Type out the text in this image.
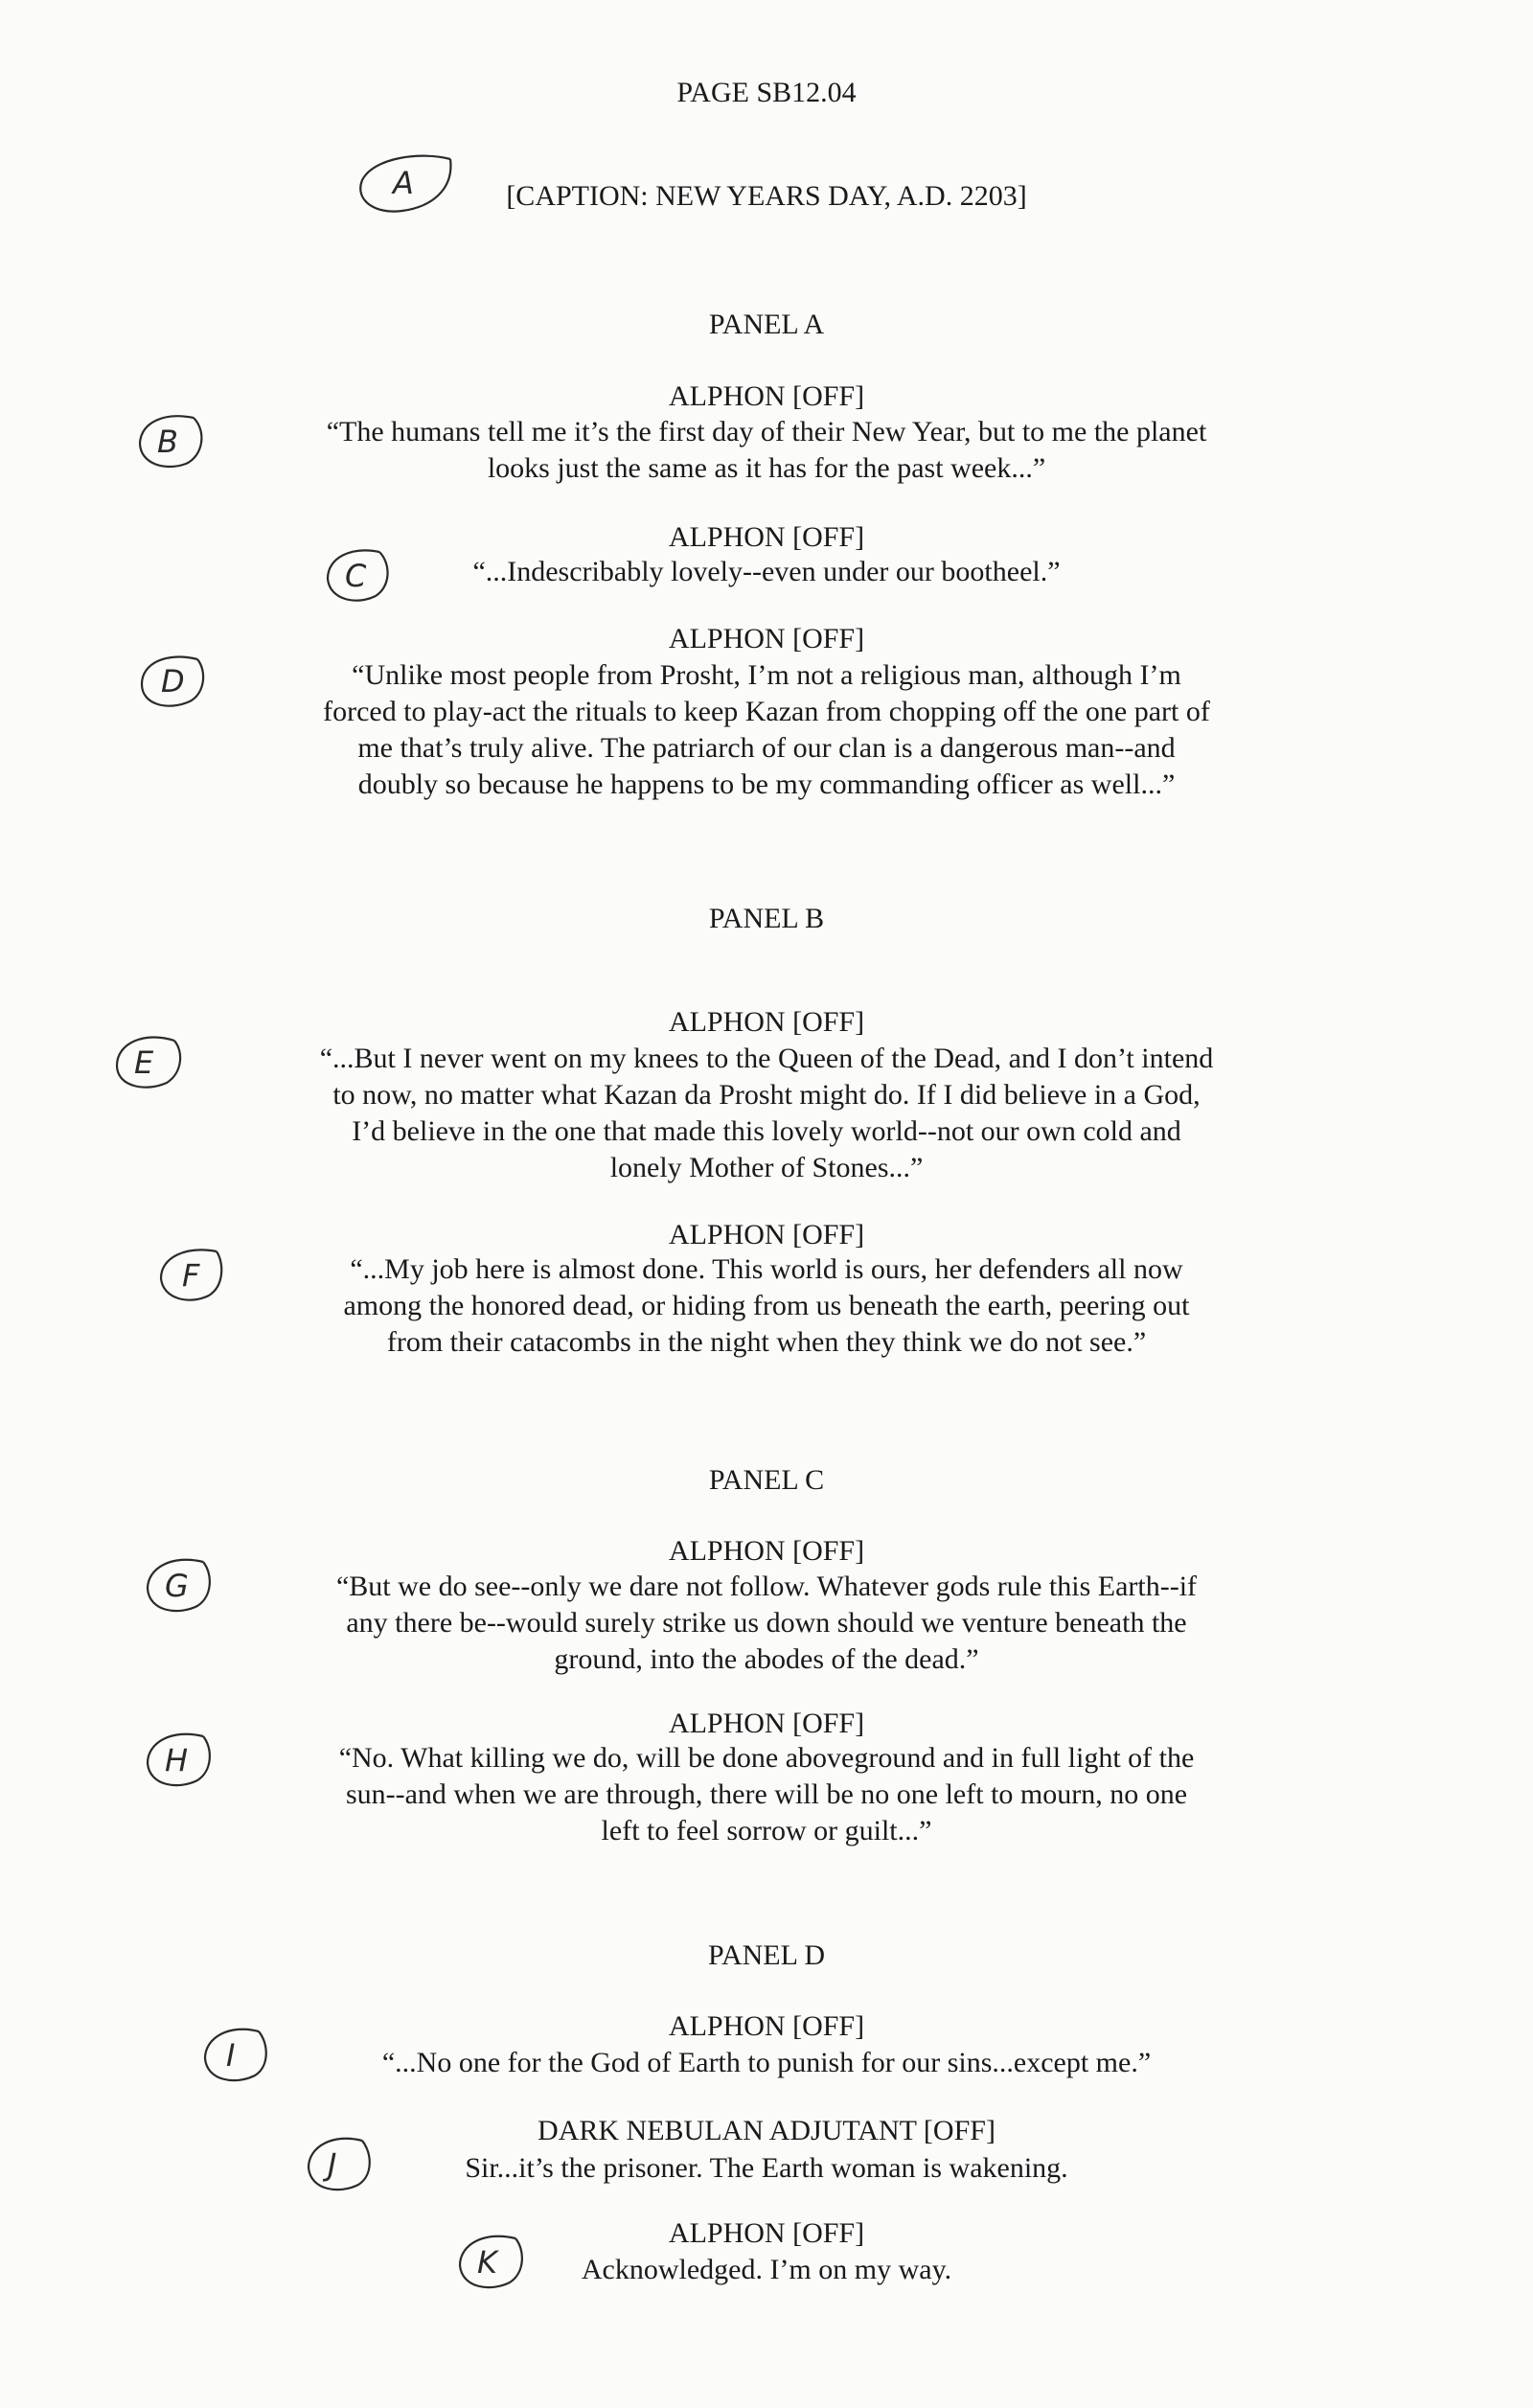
PAGE SB12.04
A	[CAPTION: NEW YEARS DAY, A.D. 2203]
PANEL A
ALPHON [OFF]
B	“The humans tell me it’s the first day of their New Year, but to me the planet
looks just the same as it has for the past week...”
ALPHON [OFF]
C	“...Indescribably lovely--even under our bootheel.”
ALPHON [OFF]
D	“Unlike most people from Prosht, I’m not a religious man, although I’m
forced to play-act the rituals to keep Kazan from chopping off the one part of
me that’s truly alive. The patriarch of our clan is a dangerous man--and
doubly so because he happens to be my commanding officer as well...”
PANEL B
ALPHON [OFF]
E	“...But I never went on my knees to the Queen of the Dead, and I don’t intend
to now, no matter what Kazan da Prosht might do. If I did believe in a God,
I’d believe in the one that made this lovely world--not our own cold and
lonely Mother of Stones...”
ALPHON [OFF]
F	“...My job here is almost done. This world is ours, her defenders all now
among the honored dead, or hiding from us beneath the earth, peering out
from their catacombs in the night when they think we do not see.”
PANEL C
ALPHON [OFF]
G	“But we do see--only we dare not follow. Whatever gods rule this Earth--if
any there be--would surely strike us down should we venture beneath the
ground, into the abodes of the dead.”
ALPHON [OFF]
H	“No. What killing we do, will be done aboveground and in full light of the
sun--and when we are through, there will be no one left to mourn, no one
left to feel sorrow or guilt...”
PANEL D
ALPHON [OFF]
I	“...No one for the God of Earth to punish for our sins...except me.”
DARK NEBULAN ADJUTANT [OFF]
J	Sir...it’s the prisoner. The Earth woman is wakening.
ALPHON [OFF]
K	Acknowledged. I’m on my way.
